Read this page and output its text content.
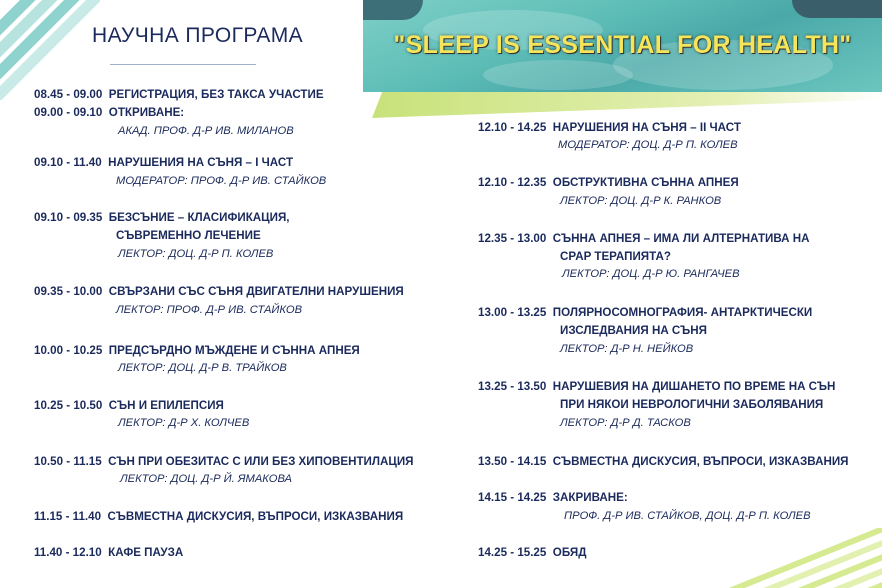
"SLEEP IS ESSENTIAL FOR HEALTH"
НАУЧНА ПРОГРАМА
08.45 - 09.00 РЕГИСТРАЦИЯ, БЕЗ ТАКСА УЧАСТИЕ
09.00 - 09.10 ОТКРИВАНЕ:
АКАД. ПРОФ. Д-Р ИВ. МИЛАНОВ
09.10 - 11.40 НАРУШЕНИЯ НА СЪНЯ – I ЧАСТ
МОДЕРАТОР: ПРОФ. Д-Р ИВ. СТАЙКОВ
09.10 - 09.35 БЕЗСЪНИЕ – КЛАСИФИКАЦИЯ,
СЪВРЕМЕННО ЛЕЧЕНИЕ
ЛЕКТОР: ДОЦ. Д-Р П. КОЛЕВ
09.35 - 10.00 СВЪРЗАНИ СЪС СЪНЯ ДВИГАТЕЛНИ НАРУШЕНИЯ
ЛЕКТОР: ПРОФ. Д-Р ИВ. СТАЙКОВ
10.00 - 10.25 ПРЕДСЪРДНО МЪЖДЕНЕ И СЪННА АПНЕЯ
ЛЕКТОР: ДОЦ. Д-Р В. ТРАЙКОВ
10.25 - 10.50 СЪН И ЕПИЛЕПСИЯ
ЛЕКТОР: Д-Р Х. КОЛЧЕВ
10.50 - 11.15 СЪН ПРИ ОБЕЗИТАС С ИЛИ БЕЗ ХИПОВЕНТИЛАЦИЯ
ЛЕКТОР: ДОЦ. Д-Р Й. ЯМАКОВА
11.15 - 11.40 СЪВМЕСТНА ДИСКУСИЯ, ВЪПРОСИ, ИЗКАЗВАНИЯ
11.40 - 12.10 КАФЕ ПАУЗА
12.10 - 14.25 НАРУШЕНИЯ НА СЪНЯ – II ЧАСТ
МОДЕРАТОР: ДОЦ. Д-Р П. КОЛЕВ
12.10 - 12.35 ОБСТРУКТИВНА СЪННА АПНЕЯ
ЛЕКТОР: ДОЦ. Д-Р К. РАНКОВ
12.35 - 13.00 СЪННА АПНЕЯ – ИМА ЛИ АЛТЕРНАТИВА НА
CPAP ТЕРАПИЯТА?
ЛЕКТОР: ДОЦ. Д-Р Ю. РАНГАЧЕВ
13.00 - 13.25 ПОЛЯРНОСОМНОГРАФИЯ- АНТАРКТИЧЕСКИ
ИЗСЛЕДВАНИЯ НА СЪНЯ
ЛЕКТОР: Д-Р Н. НЕЙКОВ
13.25 - 13.50 НАРУШЕВИЯ НА ДИШАНЕТО ПО ВРЕМЕ НА СЪН
ПРИ НЯКОИ НЕВРОЛОГИЧНИ ЗАБОЛЯВАНИЯ
ЛЕКТОР: Д-Р Д. ТАСКОВ
13.50 - 14.15 СЪВМЕСТНА ДИСКУСИЯ, ВЪПРОСИ, ИЗКАЗВАНИЯ
14.15 - 14.25 ЗАКРИВАНЕ:
ПРОФ. Д-Р ИВ. СТАЙКОВ, ДОЦ. Д-Р П. КОЛЕВ
14.25 - 15.25 ОБЯД
